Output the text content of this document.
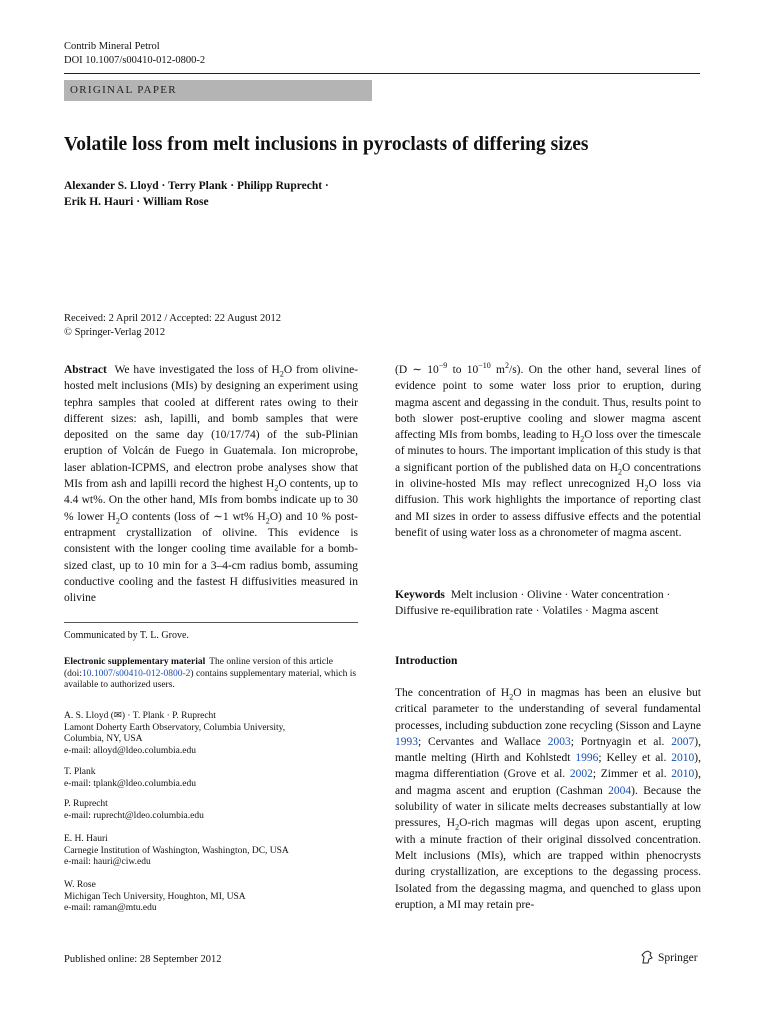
Contrib Mineral Petrol
DOI 10.1007/s00410-012-0800-2
ORIGINAL PAPER
Volatile loss from melt inclusions in pyroclasts of differing sizes
Alexander S. Lloyd · Terry Plank · Philipp Ruprecht ·
Erik H. Hauri · William Rose
Received: 2 April 2012 / Accepted: 22 August 2012
© Springer-Verlag 2012
Abstract We have investigated the loss of $H_2O$ from olivine-hosted melt inclusions (MIs) by designing an experiment using tephra samples that cooled at different rates owing to their different sizes: ash, lapilli, and bomb samples that were deposited on the same day (10/17/74) of the sub-Plinian eruption of Volcán de Fuego in Guatemala. Ion microprobe, laser ablation-ICPMS, and electron probe analyses show that MIs from ash and lapilli record the highest $H_2O$ contents, up to 4.4 wt%. On the other hand, MIs from bombs indicate up to 30 % lower $H_2O$ contents (loss of ∼1 wt% $H_2O$) and 10 % post-entrapment crystallization of olivine. This evidence is consistent with the longer cooling time available for a bomb-sized clast, up to 10 min for a 3–4-cm radius bomb, assuming conductive cooling and the fastest H diffusivities measured in olivine
(D ∼ $10^{-9}$ to $10^{-10}$ $m^2/s$). On the other hand, several lines of evidence point to some water loss prior to eruption, during magma ascent and degassing in the conduit. Thus, results point to both slower post-eruptive cooling and slower magma ascent affecting MIs from bombs, leading to $H_2O$ loss over the timescale of minutes to hours. The important implication of this study is that a significant portion of the published data on $H_2O$ concentrations in olivine-hosted MIs may reflect unrecognized $H_2O$ loss via diffusion. This work highlights the importance of reporting clast and MI sizes in order to assess diffusive effects and the potential benefit of using water loss as a chronometer of magma ascent.
Keywords Melt inclusion · Olivine · Water concentration · Diffusive re-equilibration rate · Volatiles · Magma ascent
Communicated by T. L. Grove.
Electronic supplementary material The online version of this article (doi:10.1007/s00410-012-0800-2) contains supplementary material, which is available to authorized users.
A. S. Lloyd (✉) · T. Plank · P. Ruprecht
Lamont Doherty Earth Observatory, Columbia University,
Columbia, NY, USA
e-mail: alloyd@ldeo.columbia.edu
T. Plank
e-mail: tplank@ldeo.columbia.edu
P. Ruprecht
e-mail: ruprecht@ldeo.columbia.edu
E. H. Hauri
Carnegie Institution of Washington, Washington, DC, USA
e-mail: hauri@ciw.edu
W. Rose
Michigan Tech University, Houghton, MI, USA
e-mail: raman@mtu.edu
Introduction
The concentration of $H_2O$ in magmas has been an elusive but critical parameter to the understanding of several fundamental processes, including subduction zone recycling (Sisson and Layne 1993; Cervantes and Wallace 2003; Portnyagin et al. 2007), mantle melting (Hirth and Kohlstedt 1996; Kelley et al. 2010), magma differentiation (Grove et al. 2002; Zimmer et al. 2010), and magma ascent and eruption (Cashman 2004). Because the solubility of water in silicate melts decreases substantially at low pressures, $H_2O$-rich magmas will degas upon ascent, erupting with a minute fraction of their original dissolved concentration. Melt inclusions (MIs), which are trapped within phenocrysts during crystallization, are exceptions to the degassing process. Isolated from the degassing magma, and quenched to glass upon eruption, a MI may retain pre-
Published online: 28 September 2012	Springer
